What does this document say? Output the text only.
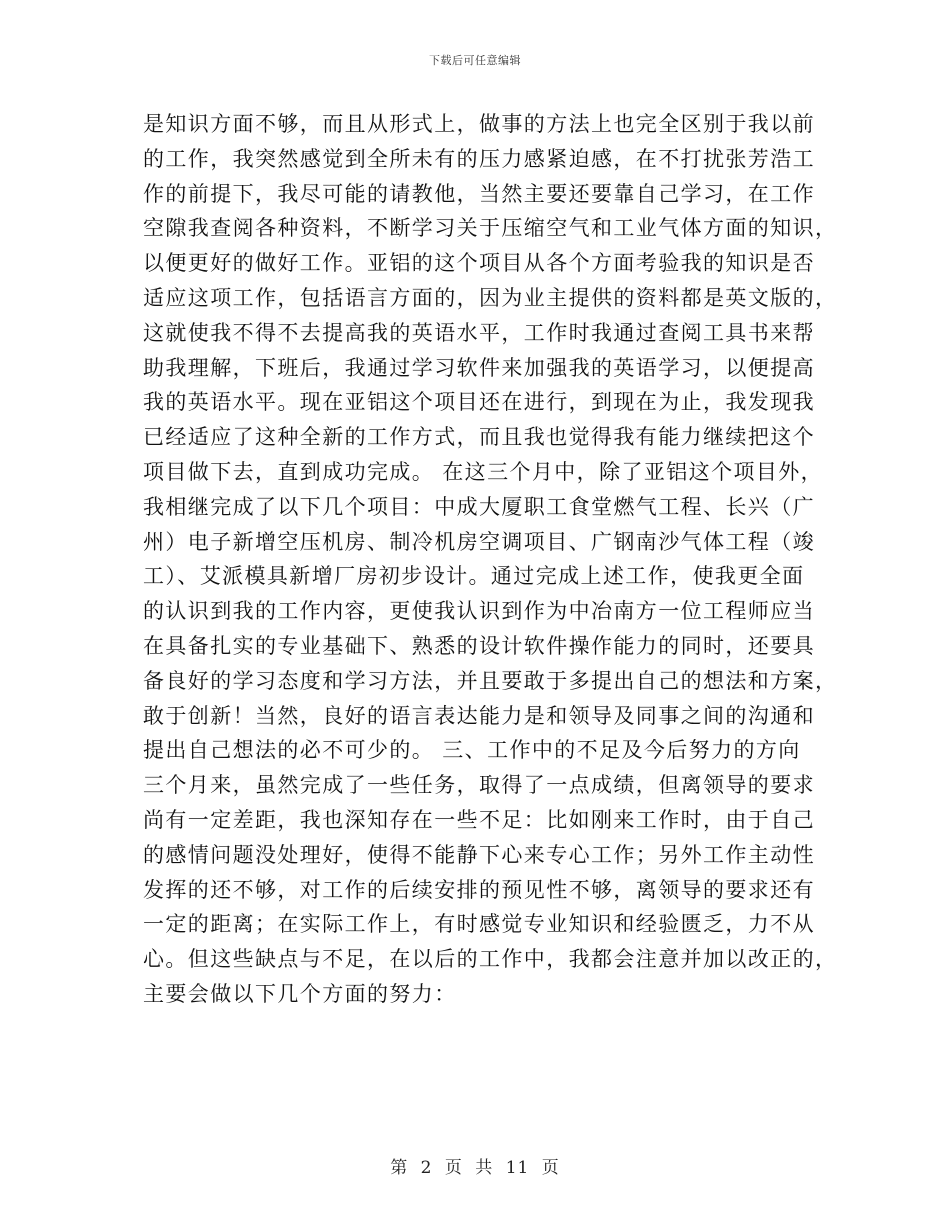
下载后可任意编辑
是知识方面不够，而且从形式上，做事的方法上也完全区别于我以前
的工作，我突然感觉到全所未有的压力感紧迫感，在不打扰张芳浩工
作的前提下，我尽可能的请教他，当然主要还要靠自己学习，在工作
空隙我查阅各种资料，不断学习关于压缩空气和工业气体方面的知识，
以便更好的做好工作。亚铝的这个项目从各个方面考验我的知识是否
适应这项工作，包括语言方面的，因为业主提供的资料都是英文版的，
这就使我不得不去提高我的英语水平，工作时我通过查阅工具书来帮
助我理解，下班后，我通过学习软件来加强我的英语学习，以便提高
我的英语水平。现在亚铝这个项目还在进行，到现在为止，我发现我
已经适应了这种全新的工作方式，而且我也觉得我有能力继续把这个
项目做下去，直到成功完成。 在这三个月中，除了亚铝这个项目外，
我相继完成了以下几个项目：中成大厦职工食堂燃气工程、长兴（广
州）电子新增空压机房、制冷机房空调项目、广钢南沙气体工程（竣
工）、艾派模具新增厂房初步设计。通过完成上述工作，使我更全面
的认识到我的工作内容，更使我认识到作为中冶南方一位工程师应当
在具备扎实的专业基础下、熟悉的设计软件操作能力的同时，还要具
备良好的学习态度和学习方法，并且要敢于多提出自己的想法和方案，
敢于创新！当然，良好的语言表达能力是和领导及同事之间的沟通和
提出自己想法的必不可少的。 三、工作中的不足及今后努力的方向
三个月来，虽然完成了一些任务，取得了一点成绩，但离领导的要求
尚有一定差距，我也深知存在一些不足：比如刚来工作时，由于自己
的感情问题没处理好，使得不能静下心来专心工作；另外工作主动性
发挥的还不够，对工作的后续安排的预见性不够，离领导的要求还有
一定的距离；在实际工作上，有时感觉专业知识和经验匮乏，力不从
心。但这些缺点与不足，在以后的工作中，我都会注意并加以改正的，
主要会做以下几个方面的努力：
第 2 页 共 11 页
